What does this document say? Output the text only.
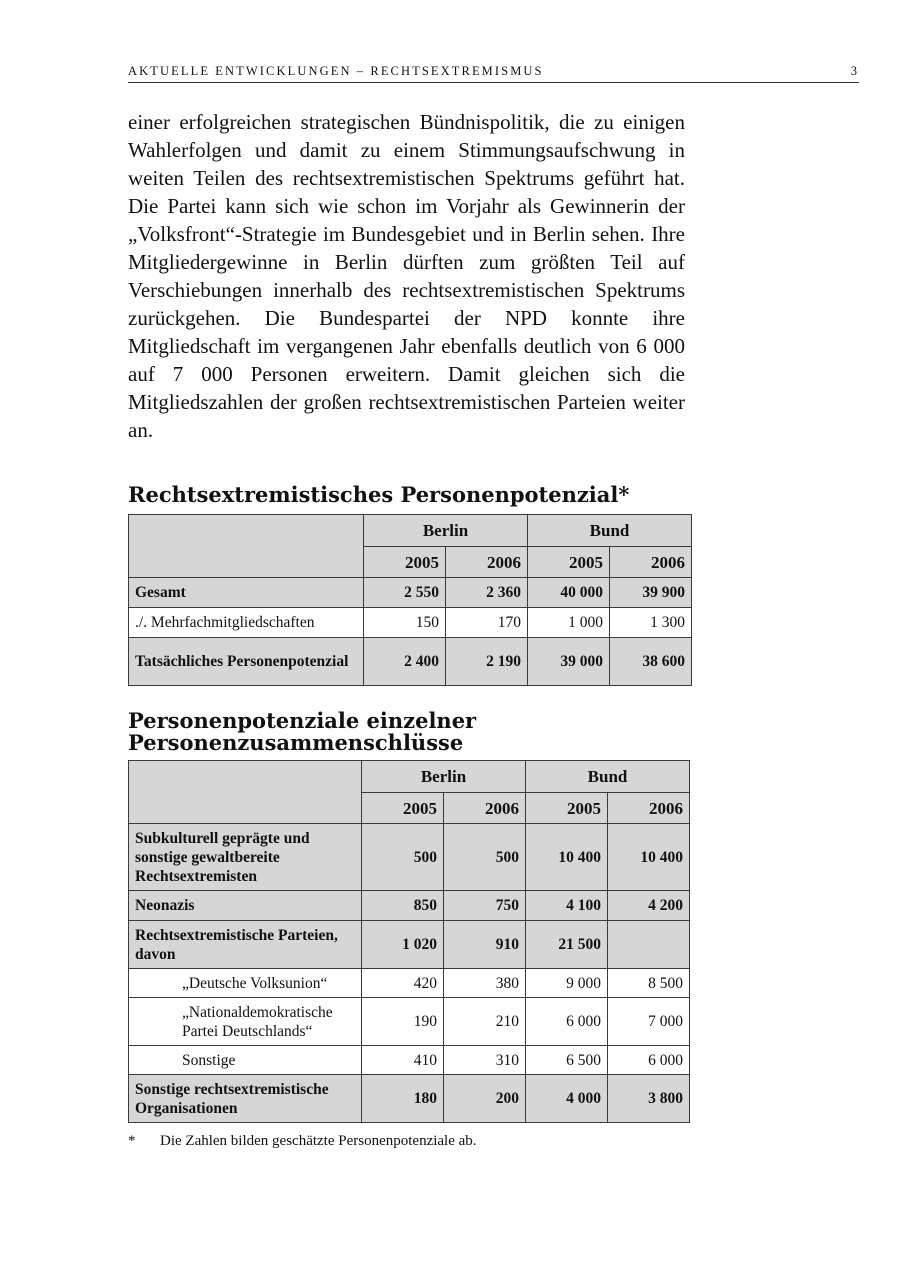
AKTUELLE ENTWICKLUNGEN – RECHTSEXTREMISMUS	3

einer erfolgreichen strategischen Bündnispolitik, die zu einigen Wahlerfolgen und damit zu einem Stimmungsaufschwung in weiten Teilen des rechtsextremistischen Spektrums geführt hat. Die Partei kann sich wie schon im Vorjahr als Gewinnerin der „Volksfront“-Strategie im Bundesgebiet und in Berlin sehen. Ihre Mitgliedergewinne in Berlin dürften zum größten Teil auf Verschiebungen innerhalb des rechtsextremistischen Spektrums zurückgehen. Die Bundespartei der NPD konnte ihre Mitgliedschaft im vergangenen Jahr ebenfalls deutlich von 6 000 auf 7 000 Personen erweitern. Damit gleichen sich die Mitgliedszahlen der großen rechtsextremistischen Parteien weiter an.

Rechtsextremistisches Personenpotenzial*
	Berlin		Bund	
	2005	2006	2005	2006
Gesamt	2 550	2 360	40 000	39 900
./. Mehrfachmitgliedschaften	150	170	1 000	1 300
Tatsächliches Personenpotenzial	2 400	2 190	39 000	38 600
Personenpotenziale einzelner Personenzusammenschlüsse
	Berlin		Bund	
	2005	2006	2005	2006
Subkulturell geprägte und sonstige gewaltbereite Rechtsextremisten	500	500	10 400	10 400
Neonazis	850	750	4 100	4 200
Rechtsextremistische Parteien, davon	1 020	910	21 500	
„Deutsche Volksunion“	420	380	9 000	8 500
„Nationaldemokratische Partei Deutschlands“	190	210	6 000	7 000
Sonstige	410	310	6 500	6 000
Sonstige rechtsextremistische Organisationen	180	200	4 000	3 800
* Die Zahlen bilden geschätzte Personenpotenziale ab.
